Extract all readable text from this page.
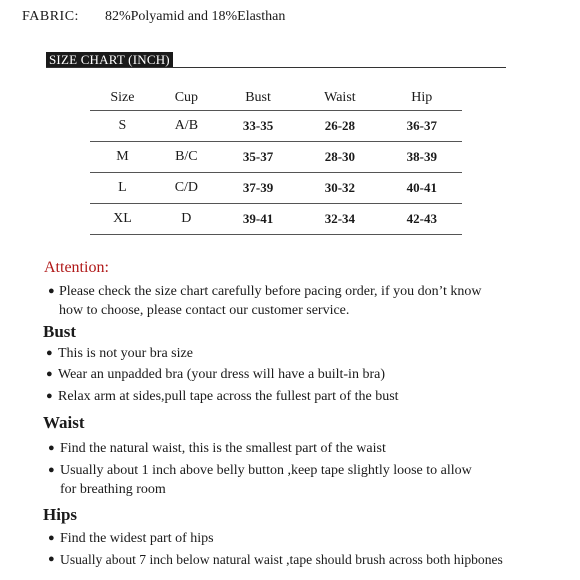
FABRIC: 82%Polyamid and 18%Elasthan
SIZE CHART (INCH)
Size	Cup	Bust	Waist	Hip
S	A/B	33-35	26-28	36-37
M	B/C	35-37	28-30	38-39
L	C/D	37-39	30-32	40-41
XL	D	39-41	32-34	42-43
Attention:
● Please check the size chart carefully before pacing order, if you don’t know
how to choose, please contact our customer service.
Bust
● This is not your bra size
● Wear an unpadded bra (your dress will have a built-in bra)
● Relax arm at sides,pull tape across the fullest part of the bust
Waist
● Find the natural waist, this is the smallest part of the waist
● Usually about 1 inch above belly button ,keep tape slightly loose to allow
for breathing room
Hips
● Find the widest part of hips
● Usually about 7 inch below natural waist ,tape should brush across both hipbones
